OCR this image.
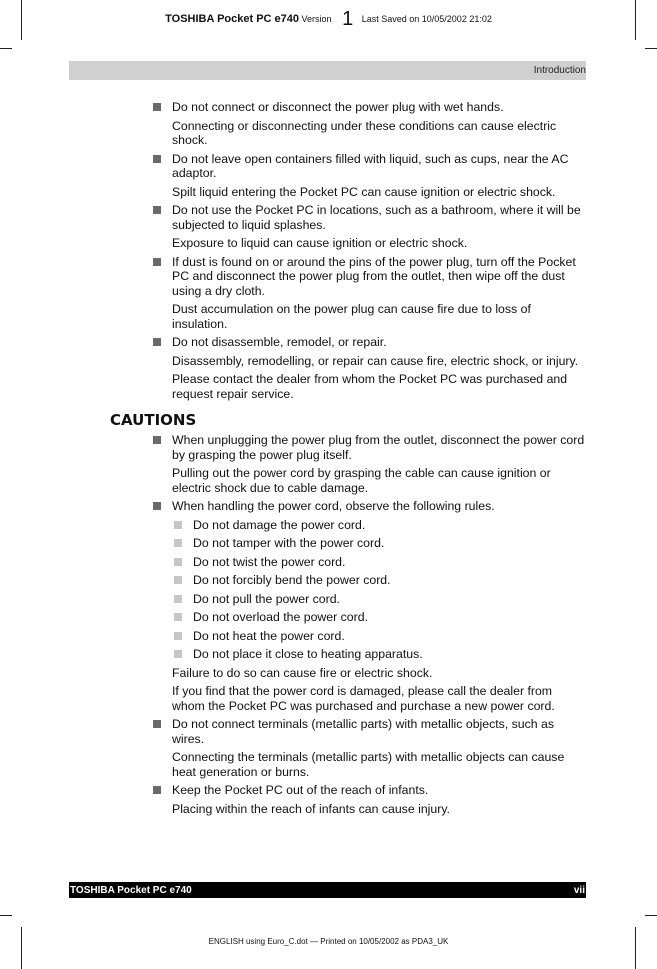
TOSHIBA Pocket PC e740 Version 1 Last Saved on 10/05/2002 21:02
Introduction
Do not connect or disconnect the power plug with wet hands.
Connecting or disconnecting under these conditions can cause electric shock.
Do not leave open containers filled with liquid, such as cups, near the AC adaptor.
Spilt liquid entering the Pocket PC can cause ignition or electric shock.
Do not use the Pocket PC in locations, such as a bathroom, where it will be subjected to liquid splashes.
Exposure to liquid can cause ignition or electric shock.
If dust is found on or around the pins of the power plug, turn off the Pocket PC and disconnect the power plug from the outlet, then wipe off the dust using a dry cloth.
Dust accumulation on the power plug can cause fire due to loss of insulation.
Do not disassemble, remodel, or repair.
Disassembly, remodelling, or repair can cause fire, electric shock, or injury.
Please contact the dealer from whom the Pocket PC was purchased and request repair service.
CAUTIONS
When unplugging the power plug from the outlet, disconnect the power cord by grasping the power plug itself.
Pulling out the power cord by grasping the cable can cause ignition or electric shock due to cable damage.
When handling the power cord, observe the following rules.
Do not damage the power cord.
Do not tamper with the power cord.
Do not twist the power cord.
Do not forcibly bend the power cord.
Do not pull the power cord.
Do not overload the power cord.
Do not heat the power cord.
Do not place it close to heating apparatus.
Failure to do so can cause fire or electric shock.
If you find that the power cord is damaged, please call the dealer from whom the Pocket PC was purchased and purchase a new power cord.
Do not connect terminals (metallic parts) with metallic objects, such as wires.
Connecting the terminals (metallic parts) with metallic objects can cause heat generation or burns.
Keep the Pocket PC out of the reach of infants.
Placing within the reach of infants can cause injury.
TOSHIBA Pocket PC e740	vii
ENGLISH using Euro_C.dot — Printed on 10/05/2002 as PDA3_UK
